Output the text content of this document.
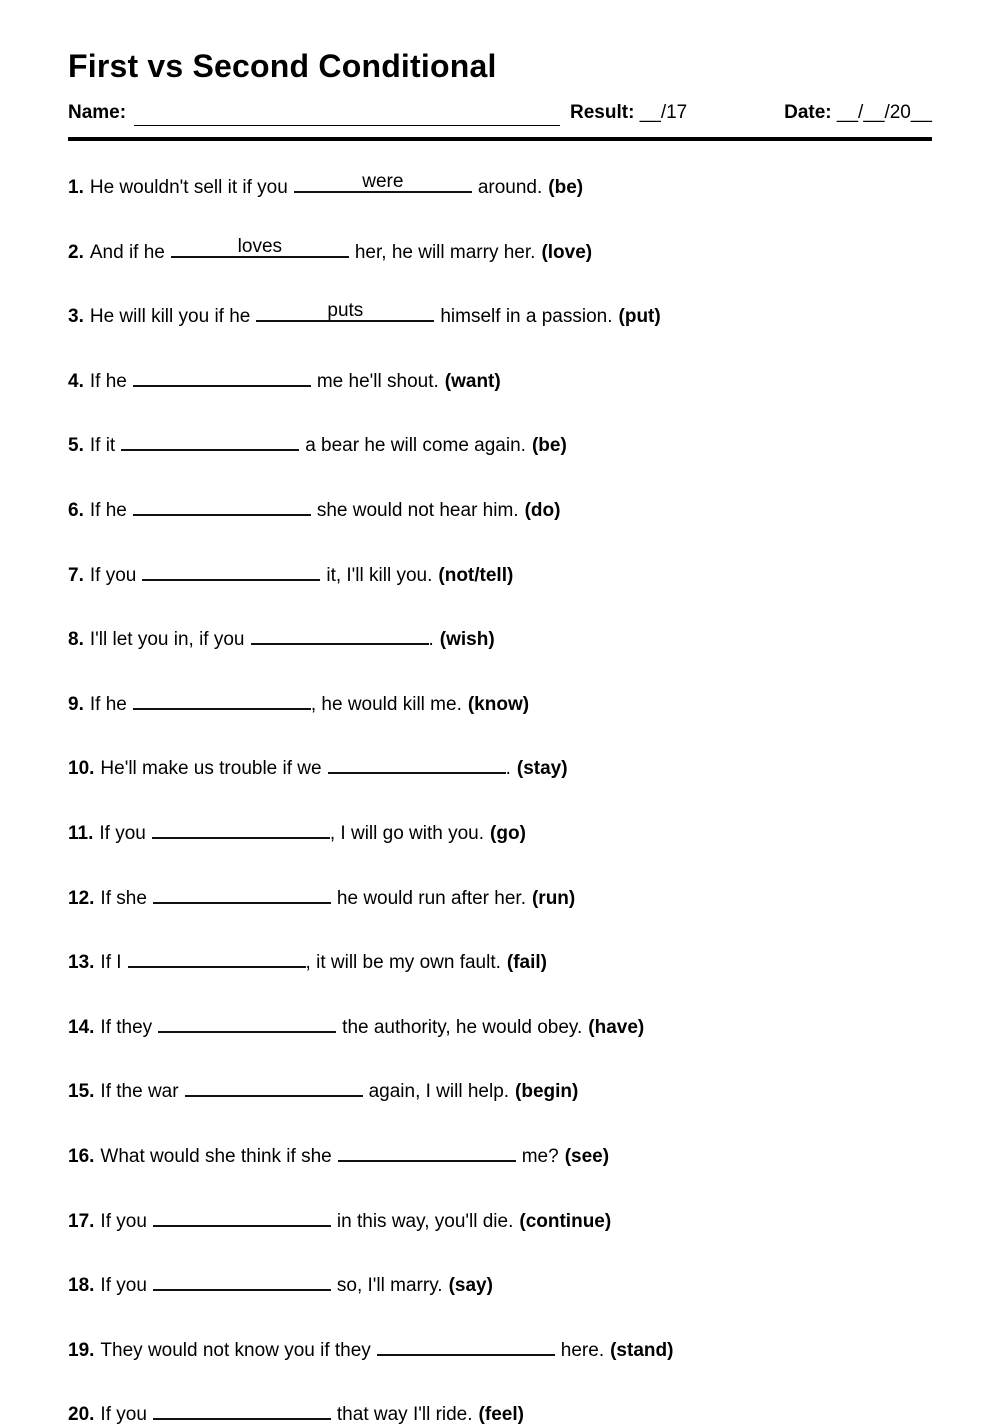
First vs Second Conditional
Name:	Result: __/17	Date: __/__/20__
1. He wouldn't sell it if you	were	around. (be)
2. And if he	loves	her, he will marry her. (love)
3. He will kill you if he	puts	himself in a passion. (put)
4. If he	me he'll shout. (want)
5. If it	a bear he will come again. (be)
6. If he	she would not hear him. (do)
7. If you	it, I'll kill you. (not/tell)
8. I'll let you in, if you	. (wish)
9. If he	, he would kill me. (know)
10. He'll make us trouble if we	. (stay)
11. If you	, I will go with you. (go)
12. If she	he would run after her. (run)
13. If I	, it will be my own fault. (fail)
14. If they	the authority, he would obey. (have)
15. If the war	again, I will help. (begin)
16. What would she think if she	me? (see)
17. If you	in this way, you'll die. (continue)
18. If you	so, I'll marry. (say)
19. They would not know you if they	here. (stand)
20. If you	that way I'll ride. (feel)
